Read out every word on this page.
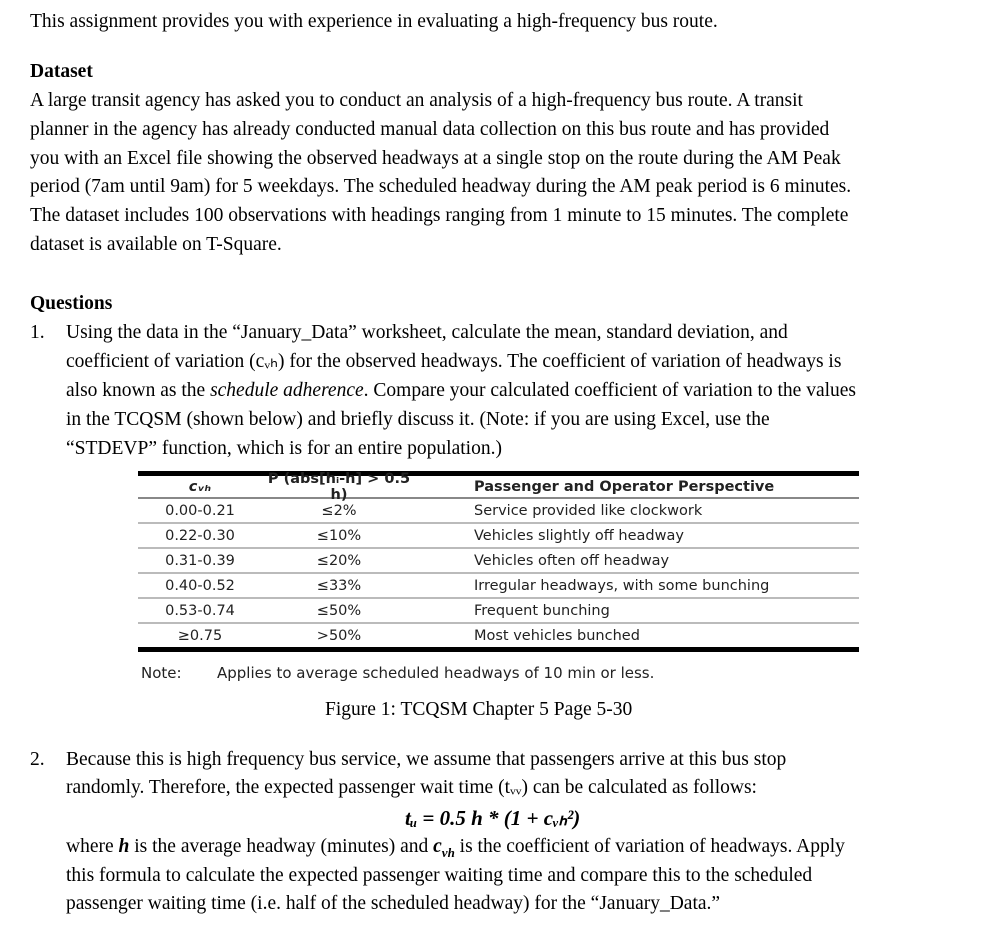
This assignment provides you with experience in evaluating a high-frequency bus route.
Dataset
A large transit agency has asked you to conduct an analysis of a high-frequency bus route. A transit
planner in the agency has already conducted manual data collection on this bus route and has provided
you with an Excel file showing the observed headways at a single stop on the route during the AM Peak
period (7am until 9am) for 5 weekdays. The scheduled headway during the AM peak period is 6 minutes.
The dataset includes 100 observations with headings ranging from 1 minute to 15 minutes. The complete
dataset is available on T-Square.
Questions
1. Using the data in the “January_Data” worksheet, calculate the mean, standard deviation, and
coefficient of variation (cᵥₕ) for the observed headways. The coefficient of variation of headways is
also known as the schedule adherence. Compare your calculated coefficient of variation to the values
in the TCQSM (shown below) and briefly discuss it. (Note: if you are using Excel, use the
“STDEVP” function, which is for an entire population.)
cᵥₕ	P (abs[hᵢ-h] > 0.5 h)	Passenger and Operator Perspective
0.00-0.21	≤2%	Service provided like clockwork
0.22-0.30	≤10%	Vehicles slightly off headway
0.31-0.39	≤20%	Vehicles often off headway
0.40-0.52	≤33%	Irregular headways, with some bunching
0.53-0.74	≤50%	Frequent bunching
≥0.75	>50%	Most vehicles bunched
Note: Applies to average scheduled headways of 10 min or less.
Figure 1: TCQSM Chapter 5 Page 5-30
2. Because this is high frequency bus service, we assume that passengers arrive at this bus stop
randomly. Therefore, the expected passenger wait time (tᵥᵥ) can be calculated as follows:
tᵤ = 0.5 h * (1 + cᵥₕ²)
where h is the average headway (minutes) and $c_{vh}$ is the coefficient of variation of headways. Apply
this formula to calculate the expected passenger waiting time and compare this to the scheduled
passenger waiting time (i.e. half of the scheduled headway) for the “January_Data.”
